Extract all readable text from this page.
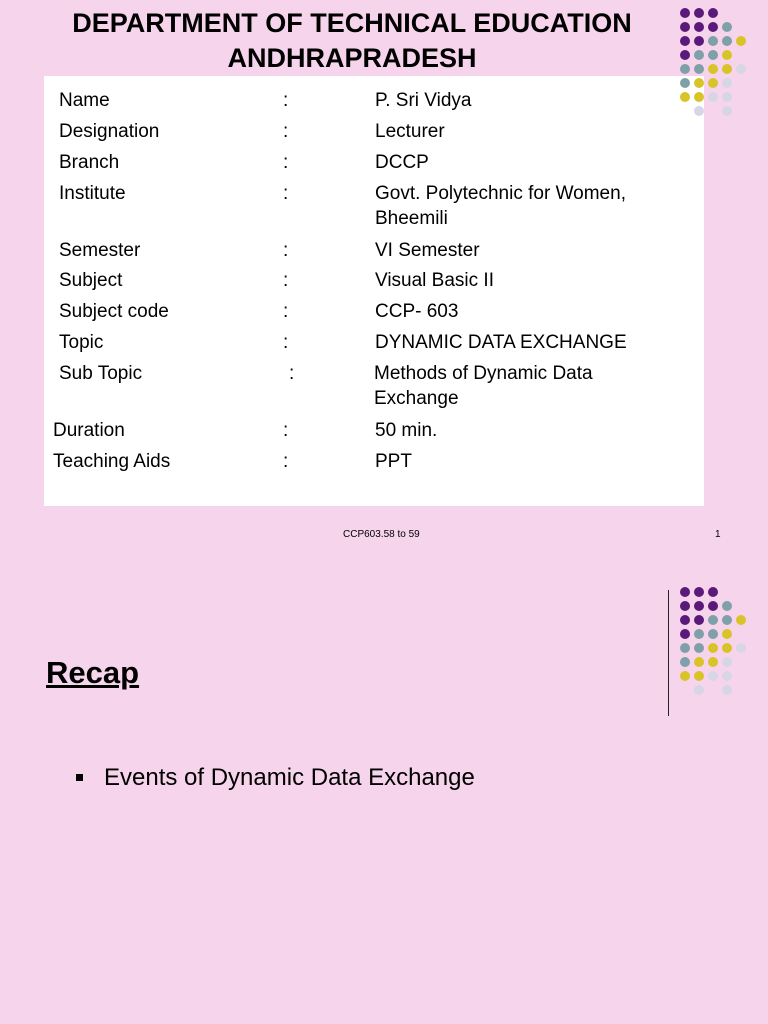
DEPARTMENT OF TECHNICAL EDUCATION
ANDHRAPRADESH
Name	:	P. Sri Vidya
Designation	:	Lecturer
Branch	:	DCCP
Institute	:	Govt. Polytechnic for Women, Bheemili
Semester	:	VI Semester
Subject	:	Visual Basic II
Subject code	:	CCP- 603
Topic	:	DYNAMIC DATA EXCHANGE
Sub Topic	:	Methods of Dynamic Data Exchange
Duration	:	50 min.
Teaching Aids	:	PPT
CCP603.58 to 59	1
Recap
Events of Dynamic Data Exchange
